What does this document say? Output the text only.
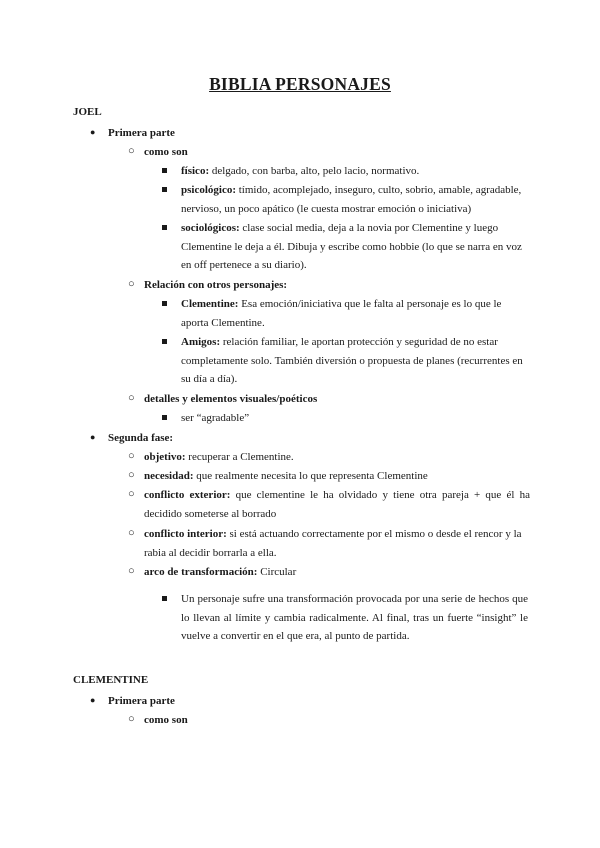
BIBLIA PERSONAJES
JOEL
●	Primera parte
○ como son
físico: delgado, con barba, alto, pelo lacio, normativo.
psicológico: tímido, acomplejado, inseguro, culto, sobrio, amable, agradable, nervioso, un poco apático (le cuesta mostrar emoción o iniciativa)
sociológicos: clase social media, deja a la novia por Clementine y luego Clementine le deja a él. Dibuja y escribe como hobbie (lo que se narra en voz en off pertenece a su diario).
○ Relación con otros personajes:
Clementine: Esa emoción/iniciativa que le falta al personaje es lo que le aporta Clementine.
Amigos: relación familiar, le aportan protección y seguridad de no estar completamente solo. También diversión o propuesta de planes (recurrentes en su día a día).
○ detalles y elementos visuales/poéticos
ser “agradable”
●	Segunda fase:
○ objetivo: recuperar a Clementine.
○ necesidad: que realmente necesita lo que representa Clementine
○ conflicto exterior: que clementine le ha olvidado y tiene otra pareja + que él ha decidido someterse al borrado
○ conflicto interior: si está actuando correctamente por el mismo o desde el rencor y la rabia al decidir borrarla a ella.
○ arco de transformación: Circular
Un personaje sufre una transformación provocada por una serie de hechos que lo llevan al límite y cambia radicalmente. Al final, tras un fuerte “insight” le vuelve a convertir en el que era, al punto de partida.
CLEMENTINE
●	Primera parte
○ como son
